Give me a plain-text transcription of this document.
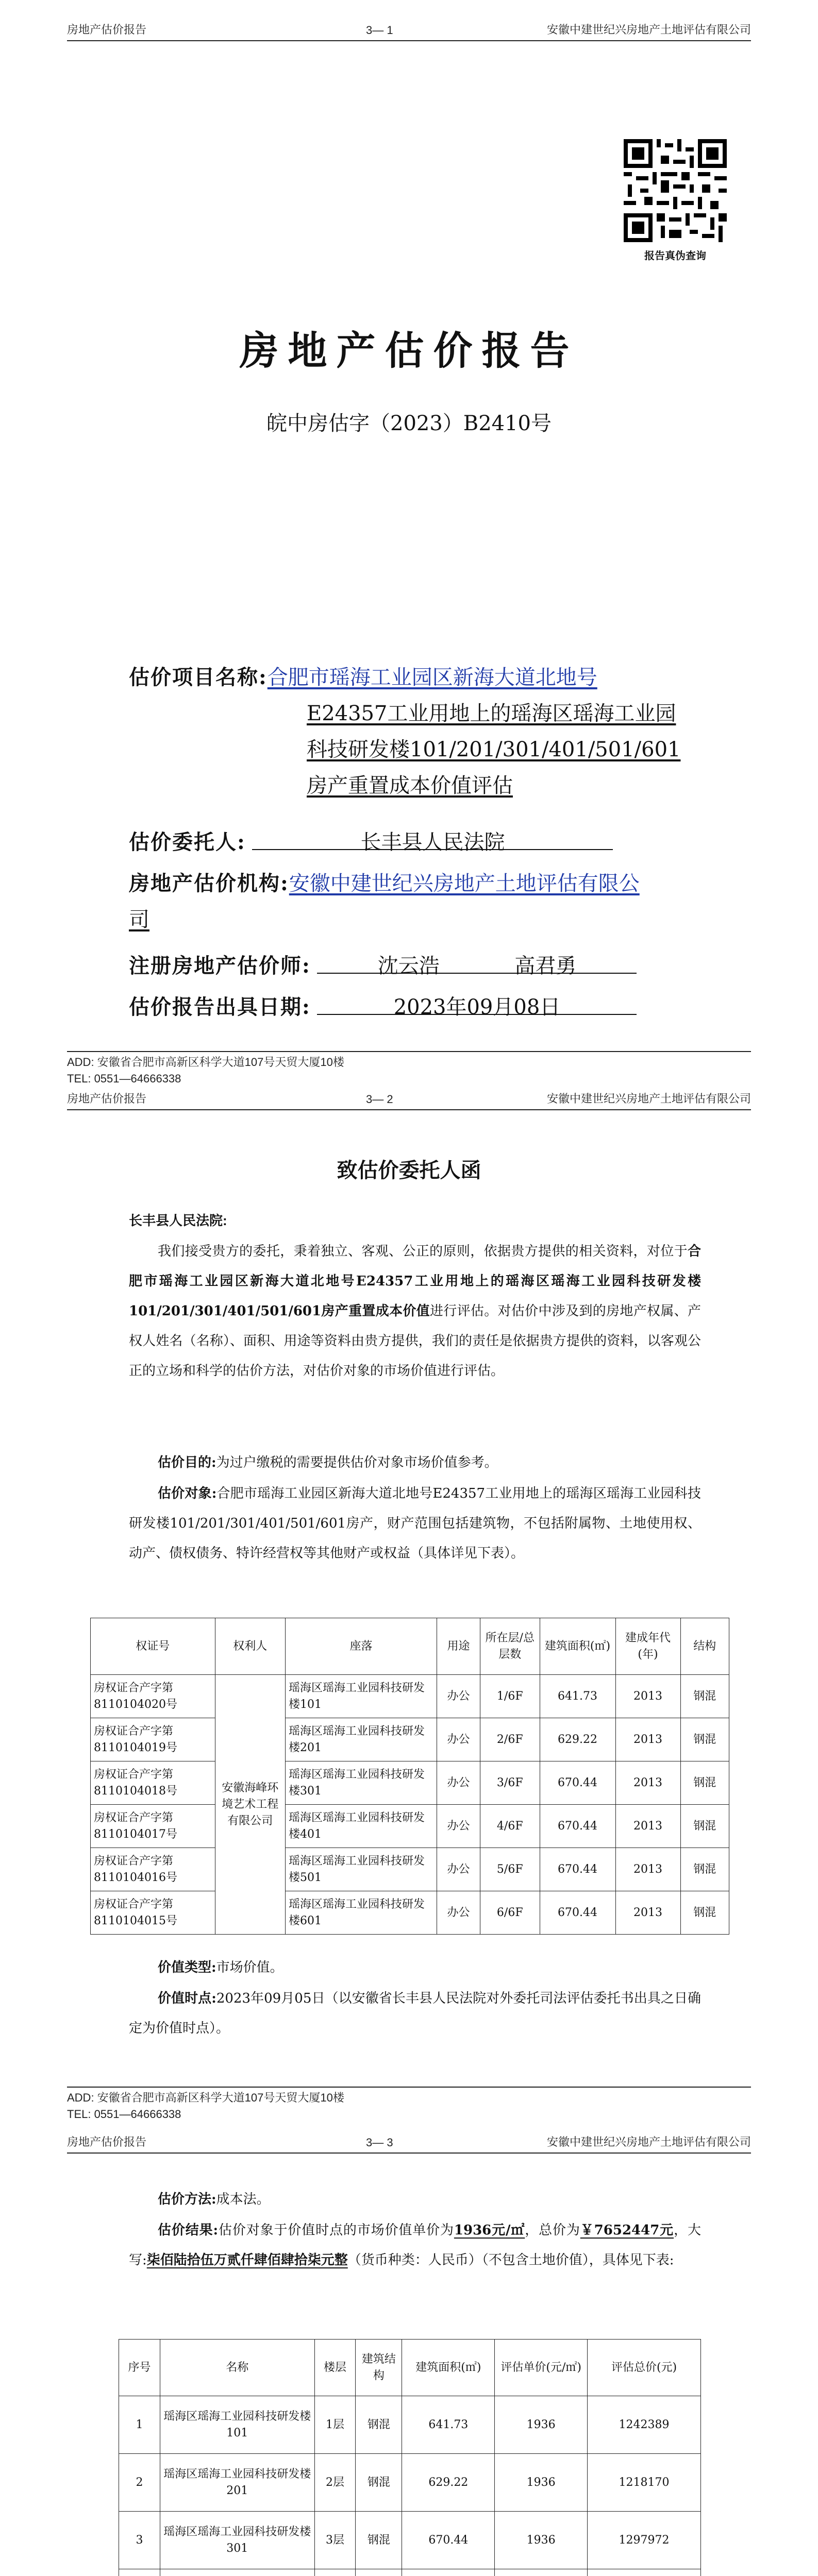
房地产估价报告	3— 1	安徽中建世纪兴房地产土地评估有限公司
报告真伪查询
房地产估价报告
皖中房估字（2023）B2410号
估价项目名称:合肥市瑶海工业园区新海大道北地号
E24357工业用地上的瑶海区瑶海工业园
科技研发楼101/201/301/401/501/601
房产重置成本价值评估
估价委托人:	长丰县人民法院
房地产估价机构:安徽中建世纪兴房地产土地评估有限公
司
注册房地产估价师:	沈云浩	高君勇
估价报告出具日期:	2023年09月08日
ADD: 安徽省合肥市高新区科学大道107号天贸大厦10楼
TEL: 0551—64666338
房地产估价报告	3— 2	安徽中建世纪兴房地产土地评估有限公司
致估价委托人函
长丰县人民法院:
我们接受贵方的委托，秉着独立、客观、公正的原则，依据贵方提供的相关资料，对位于合肥市瑶海工业园区新海大道北地号E24357工业用地上的瑶海区瑶海工业园科技研发楼101/201/301/401/501/601房产重置成本价值进行评估。对估价中涉及到的房地产权属、产权人姓名（名称）、面积、用途等资料由贵方提供，我们的责任是依据贵方提供的资料，以客观公正的立场和科学的估价方法，对估价对象的市场价值进行评估。
估价目的:为过户缴税的需要提供估价对象市场价值参考。
估价对象:合肥市瑶海工业园区新海大道北地号E24357工业用地上的瑶海区瑶海工业园科技研发楼101/201/301/401/501/601房产，财产范围包括建筑物，不包括附属物、土地使用权、动产、债权债务、特许经营权等其他财产或权益（具体详见下表）。
权证号	权利人	座落	用途	所在层/总层数	建筑面积(㎡)	建成年代(年)	结构
房权证合产字第8110104020号	安徽海峰环境艺术工程有限公司	瑶海区瑶海工业园科技研发楼101	办公	1/6F	641.73	2013	钢混
房权证合产字第8110104019号		瑶海区瑶海工业园科技研发楼201	办公	2/6F	629.22	2013	钢混
房权证合产字第8110104018号		瑶海区瑶海工业园科技研发楼301	办公	3/6F	670.44	2013	钢混
房权证合产字第8110104017号		瑶海区瑶海工业园科技研发楼401	办公	4/6F	670.44	2013	钢混
房权证合产字第8110104016号		瑶海区瑶海工业园科技研发楼501	办公	5/6F	670.44	2013	钢混
房权证合产字第8110104015号		瑶海区瑶海工业园科技研发楼601	办公	6/6F	670.44	2013	钢混
价值类型:市场价值。
价值时点:2023年09月05日（以安徽省长丰县人民法院对外委托司法评估委托书出具之日确定为价值时点）。
ADD: 安徽省合肥市高新区科学大道107号天贸大厦10楼
TEL: 0551—64666338
房地产估价报告	3— 3	安徽中建世纪兴房地产土地评估有限公司
估价方法:成本法。
估价结果:估价对象于价值时点的市场价值单价为1936元/㎡，总价为￥7652447元，大写:柒佰陆拾伍万贰仟肆佰肆拾柒元整（货币种类：人民币）（不包含土地价值），具体见下表:
序号	名称	楼层	建筑结构	建筑面积(㎡)	评估单价(元/㎡)	评估总价(元)
1	瑶海区瑶海工业园科技研发楼101	1层	钢混	641.73	1936	1242389
2	瑶海区瑶海工业园科技研发楼201	2层	钢混	629.22	1936	1218170
3	瑶海区瑶海工业园科技研发楼301	3层	钢混	670.44	1936	1297972
